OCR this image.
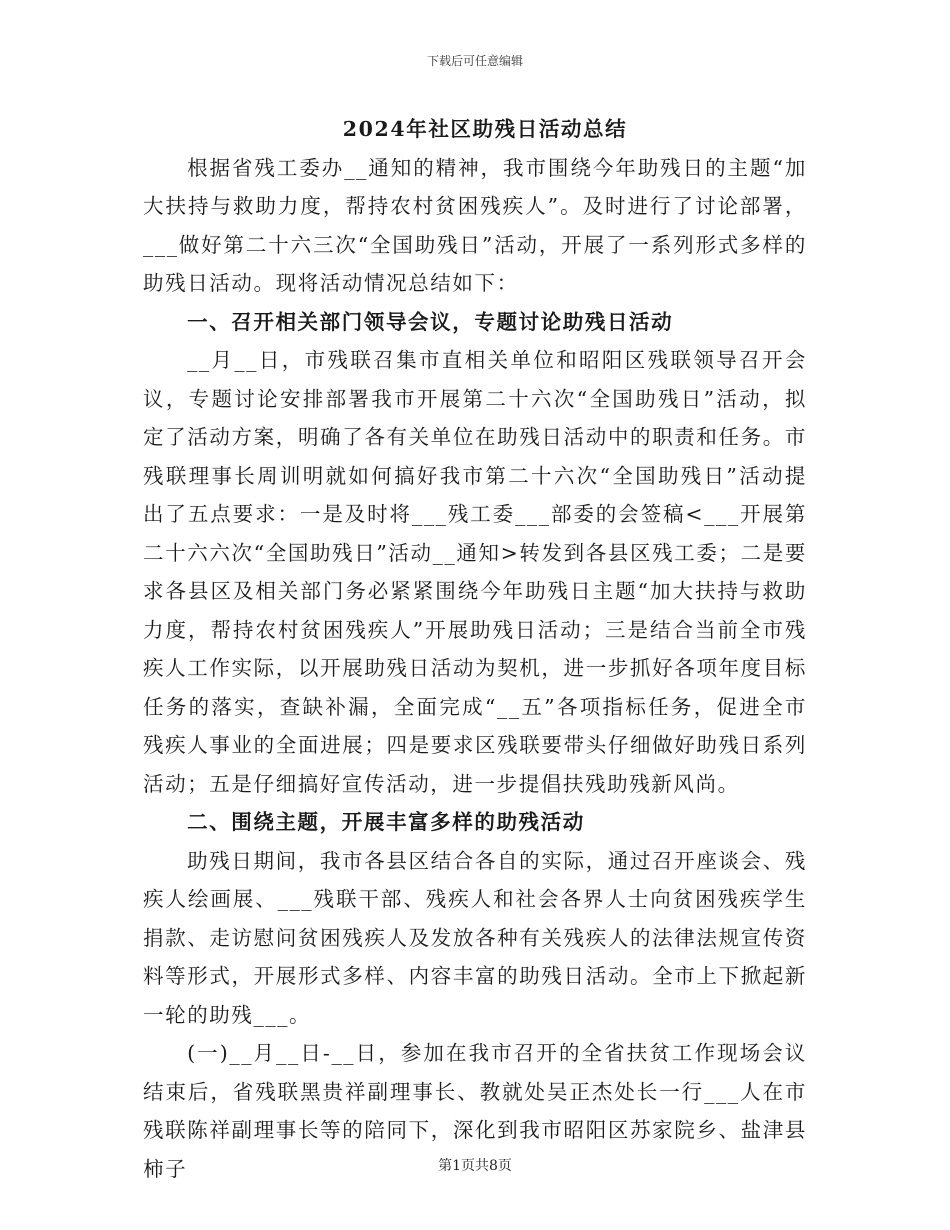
下载后可任意编辑

2024年社区助残日活动总结

根据省残工委办__通知的精神，我市围绕今年助残日的主题“加大扶持与救助力度，帮持农村贫困残疾人”。及时进行了讨论部署，___做好第二十六三次“全国助残日”活动，开展了一系列形式多样的助残日活动。现将活动情况总结如下：

一、召开相关部门领导会议，专题讨论助残日活动

__月__日，市残联召集市直相关单位和昭阳区残联领导召开会议，专题讨论安排部署我市开展第二十六次“全国助残日”活动，拟定了活动方案，明确了各有关单位在助残日活动中的职责和任务。市残联理事长周训明就如何搞好我市第二十六次“全国助残日”活动提出了五点要求：一是及时将___残工委___部委的会签稿<___开展第二十六六次“全国助残日”活动__通知>转发到各县区残工委；二是要求各县区及相关部门务必紧紧围绕今年助残日主题“加大扶持与救助力度，帮持农村贫困残疾人”开展助残日活动；三是结合当前全市残疾人工作实际，以开展助残日活动为契机，进一步抓好各项年度目标任务的落实，查缺补漏，全面完成“__五”各项指标任务，促进全市残疾人事业的全面进展；四是要求区残联要带头仔细做好助残日系列活动；五是仔细搞好宣传活动，进一步提倡扶残助残新风尚。

二、围绕主题，开展丰富多样的助残活动

助残日期间，我市各县区结合各自的实际，通过召开座谈会、残疾人绘画展、___残联干部、残疾人和社会各界人士向贫困残疾学生捐款、走访慰问贫困残疾人及发放各种有关残疾人的法律法规宣传资料等形式，开展形式多样、内容丰富的助残日活动。全市上下掀起新一轮的助残___。

(一)__月__日-__日，参加在我市召开的全省扶贫工作现场会议结束后，省残联黑贵祥副理事长、教就处吴正杰处长一行___人在市残联陈祥副理事长等的陪同下，深化到我市昭阳区苏家院乡、盐津县柿子	第1页共8页
